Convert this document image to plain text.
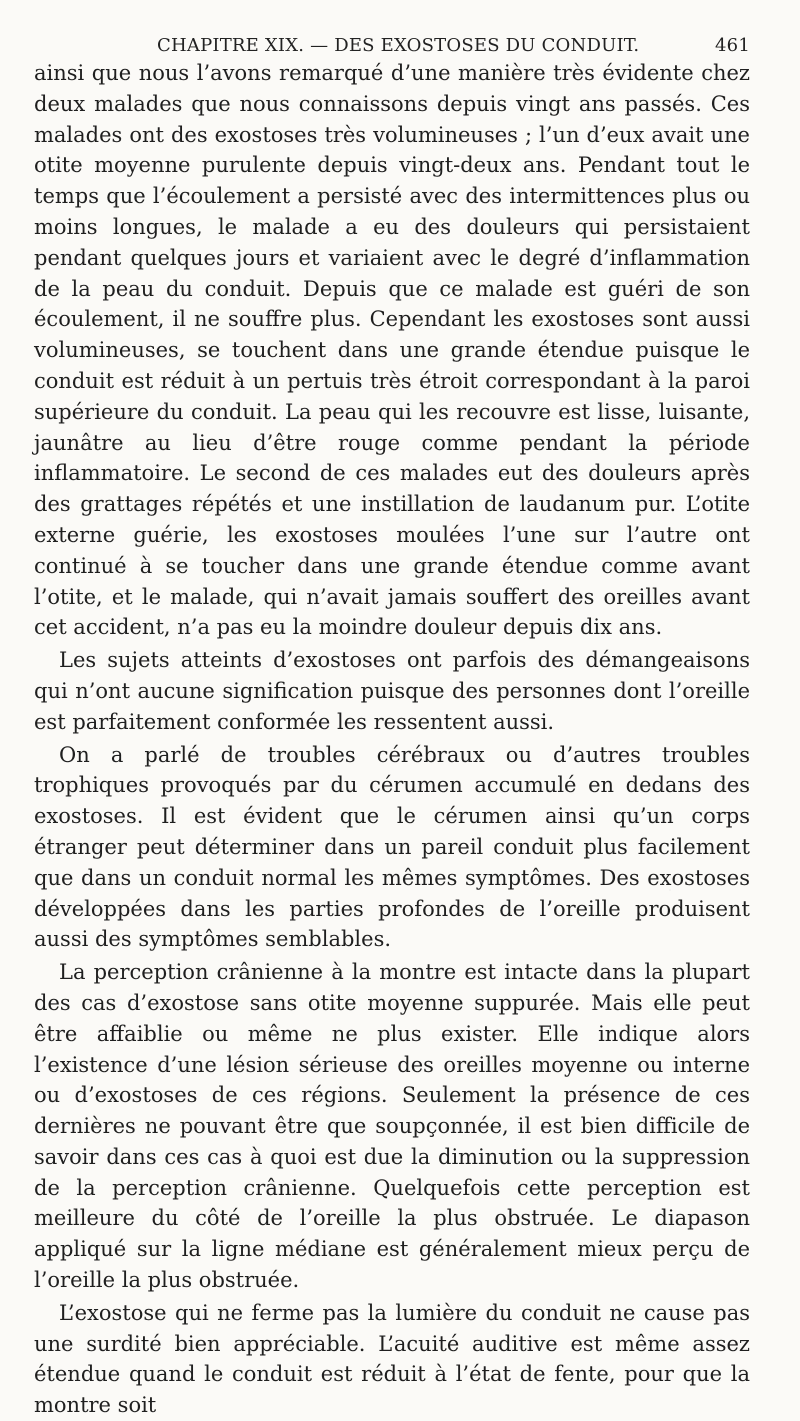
CHAPITRE XIX. — DES EXOSTOSES DU CONDUIT.	461

ainsi que nous l’avons remarqué d’une manière très évidente chez deux malades que nous connaissons depuis vingt ans passés. Ces malades ont des exostoses très volumineuses ; l’un d’eux avait une otite moyenne purulente depuis vingt-deux ans. Pendant tout le temps que l’écoulement a persisté avec des intermittences plus ou moins longues, le malade a eu des douleurs qui persistaient pendant quelques jours et variaient avec le degré d’inflammation de la peau du conduit. Depuis que ce malade est guéri de son écoulement, il ne souffre plus. Cependant les exostoses sont aussi volumineuses, se touchent dans une grande étendue puisque le conduit est réduit à un pertuis très étroit correspondant à la paroi supérieure du conduit. La peau qui les recouvre est lisse, luisante, jaunâtre au lieu d’être rouge comme pendant la période inflammatoire. Le second de ces malades eut des douleurs après des grattages répétés et une instillation de laudanum pur. L’otite externe guérie, les exostoses moulées l’une sur l’autre ont continué à se toucher dans une grande étendue comme avant l’otite, et le malade, qui n’avait jamais souffert des oreilles avant cet accident, n’a pas eu la moindre douleur depuis dix ans.

Les sujets atteints d’exostoses ont parfois des démangeaisons qui n’ont aucune signification puisque des personnes dont l’oreille est parfaitement conformée les ressentent aussi.

On a parlé de troubles cérébraux ou d’autres troubles trophiques provoqués par du cérumen accumulé en dedans des exostoses. Il est évident que le cérumen ainsi qu’un corps étranger peut déterminer dans un pareil conduit plus facilement que dans un conduit normal les mêmes symptômes. Des exostoses développées dans les parties profondes de l’oreille produisent aussi des symptômes semblables.

La perception crânienne à la montre est intacte dans la plupart des cas d’exostose sans otite moyenne suppurée. Mais elle peut être affaiblie ou même ne plus exister. Elle indique alors l’existence d’une lésion sérieuse des oreilles moyenne ou interne ou d’exostoses de ces régions. Seulement la présence de ces dernières ne pouvant être que soupçonnée, il est bien difficile de savoir dans ces cas à quoi est due la diminution ou la suppression de la perception crânienne. Quelquefois cette perception est meilleure du côté de l’oreille la plus obstruée. Le diapason appliqué sur la ligne médiane est généralement mieux perçu de l’oreille la plus obstruée.

L’exostose qui ne ferme pas la lumière du conduit ne cause pas une surdité bien appréciable. L’acuité auditive est même assez étendue quand le conduit est réduit à l’état de fente, pour que la montre soit
